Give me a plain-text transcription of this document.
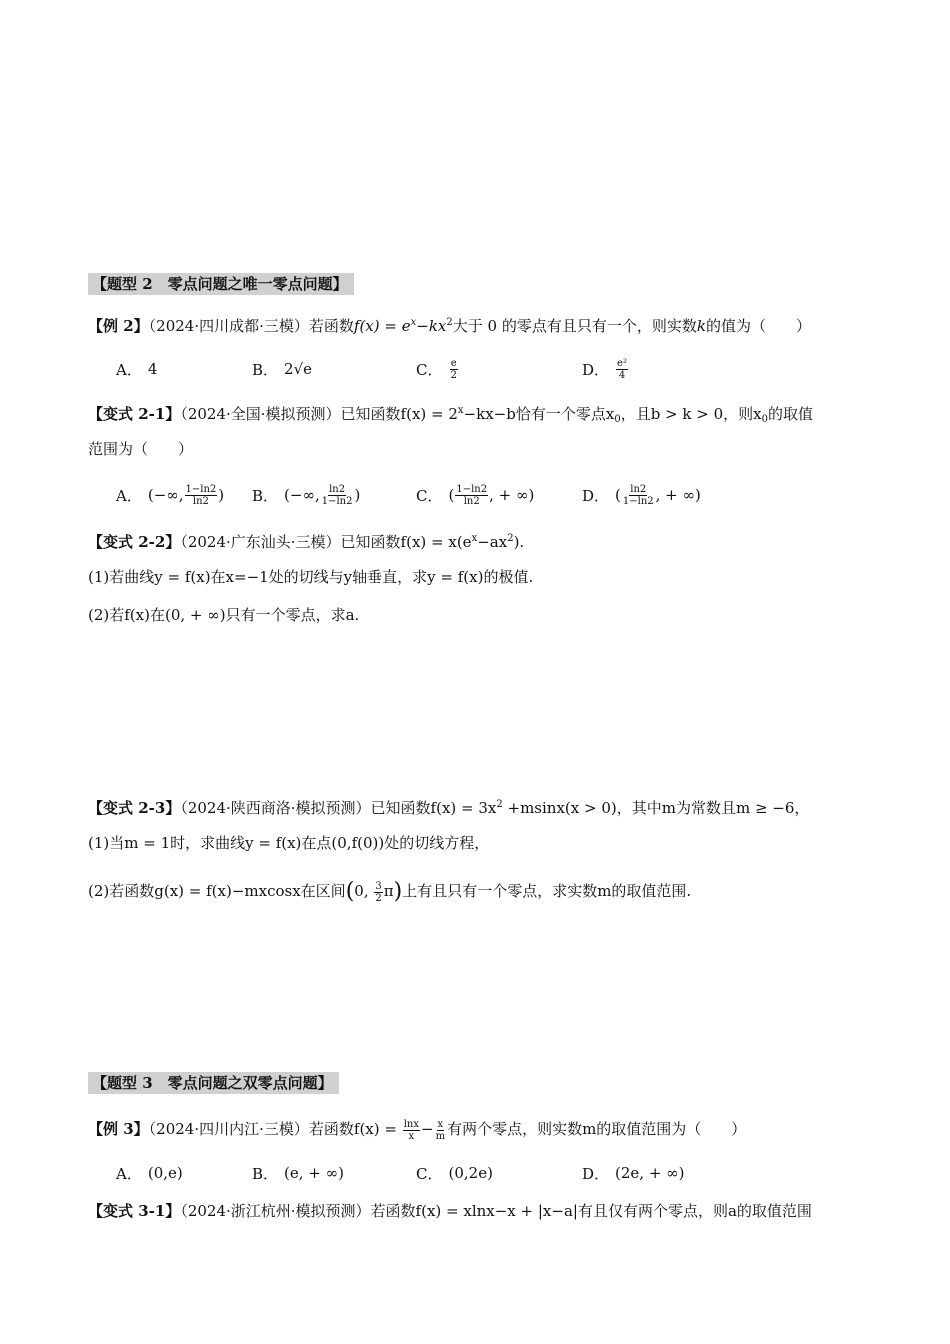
【题型 2　零点问题之唯一零点问题】
【例 2】（2024·四川成都·三模）若函数$f(x) = e^x-kx^2$大于 0 的零点有且只有一个，则实数k的值为（　　）
A． 4	B． 2√e	C． $\frac{e}{2}$	D． $\frac{\text{e²}}{4}$
【变式 2-1】（2024·全国·模拟预测）已知函数$f(x) = 2^x-kx-b$恰有一个零点$x_0$，且b > k > 0，则$x_0$的取值
范围为（　　）
A． (−∞, $\frac{1-\ln 2}{\ln 2}$ ) B． (−∞, $\frac{\ln 2}{1-\ln 2}$ )	C． ( $\frac{1-\ln 2}{\ln 2}$ , + ∞)	D． ( $\frac{\ln 2}{1-\ln 2}$ , + ∞)
【变式 2-2】（2024·广东汕头·三模）已知函数$f(x) = x(e^x-ax^2)$.
(1)若曲线y = f(x)在x=−1处的切线与y轴垂直，求y = f(x)的极值.
(2)若f(x)在(0, + ∞)只有一个零点，求a.
【变式 2-3】（2024·陕西商洛·模拟预测）已知函数$f(x) = 3x^2 +msinx(x > 0)$，其中m为常数且m ≥ −6，
(1)当m = 1时，求曲线y = f(x)在点(0,f(0))处的切线方程，
(2)若函数g(x) = f(x)−mxcosx在区间(0, $\frac{3}{2} \pi$)上有且只有一个零点，求实数m的取值范围.
【题型 3　零点问题之双零点问题】
【例 3】（2024·四川内江·三模）若函数$f(x) = \frac{\ln x}{x} - \frac{x}{m}$ 有两个零点，则实数m的取值范围为（　　）
A． (0,e)	B． (e, + ∞)	C． (0,2e)	D． (2e, + ∞)
【变式 3-1】（2024·浙江杭州·模拟预测）若函数f(x) = xlnx−x + |x−a|有且仅有两个零点，则a的取值范围
